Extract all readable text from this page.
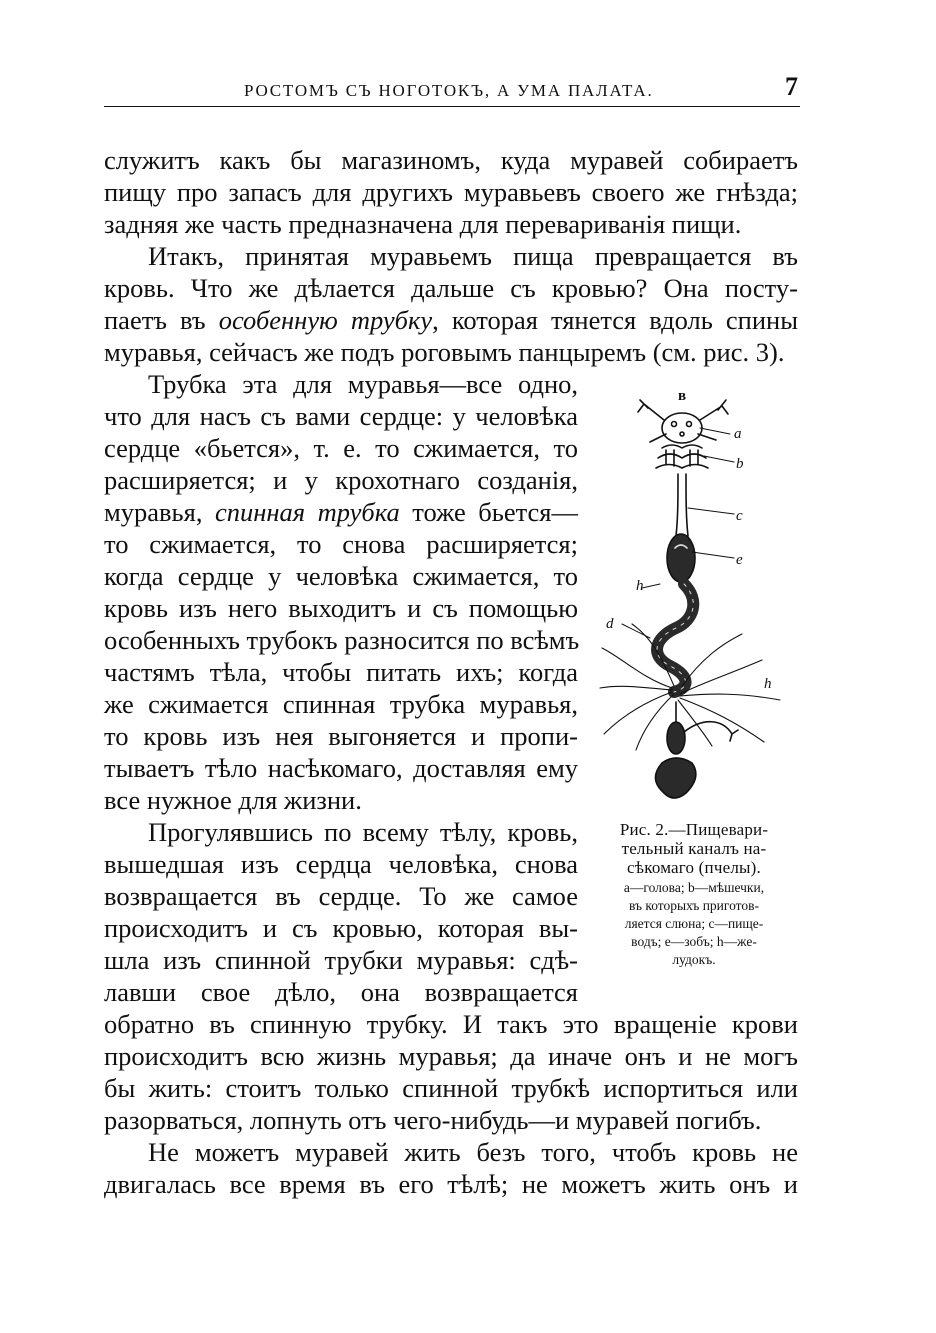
РОСТОМЪ СЪ НОГОТОКЪ, А УМА ПАЛАТА.	7

служитъ какъ бы магазиномъ, куда муравей собираетъ

пищу про запасъ для другихъ муравьевъ своего же гнѣзда;

задняя же часть предназначена для перевариванія пищи.

Итакъ, принятая муравьемъ пища превращается въ

кровь. Что же дѣлается дальше съ кровью? Она посту-

паетъ въ особенную трубку, которая тянется вдоль спины

муравья, сейчасъ же подъ роговымъ панцыремъ (см. рис. 3).

Трубка эта для муравья—все одно,

что для насъ съ вами сердце: у человѣка

сердце «бьется», т. е. то сжимается, то

расширяется; и у крохотнаго созданія,

муравья, спинная трубка тоже бьется—

то сжимается, то снова расширяется;

когда сердце у человѣка сжимается, то

кровь изъ него выходитъ и съ помощью

особенныхъ трубокъ разносится по всѣмъ

частямъ тѣла, чтобы питать ихъ; когда

же сжимается спинная трубка муравья,

то кровь изъ нея выгоняется и пропи-

тываетъ тѣло насѣкомаго, доставляя ему

все нужное для жизни.

Прогулявшись по всему тѣлу, кровь,

вышедшая изъ сердца человѣка, снова

возвращается въ сердце. То же самое

происходитъ и съ кровью, которая вы-

шла изъ спинной трубки муравья: сдѣ-

лавши свое дѣло, она возвращается

обратно въ спинную трубку. И такъ это вращеніе крови

происходитъ всю жизнь муравья; да иначе онъ и не могъ

бы жить: стоитъ только спинной трубкѣ испортиться или

разорваться, лопнуть отъ чего-нибудь—и муравей погибъ.

Не можетъ муравей жить безъ того, чтобъ кровь не

двигалась все время въ его тѣлѣ; не можетъ жить онъ и

в
a
b
c
e
h
d
h
Рис. 2.—Пищевари-
тельный каналъ на-
сѣкомаго (пчелы).
a—голова; b—мѣшечки,
въ которыхъ приготов-
ляется слюна; c—пище-
водъ; e—зобъ; h—же-
лудокъ.
